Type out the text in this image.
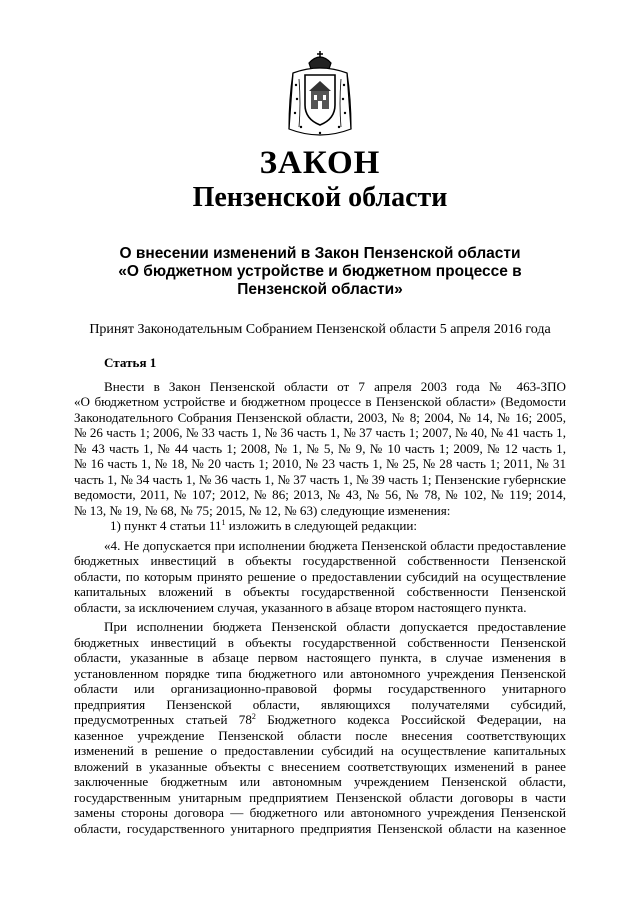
ЗАКОН
Пензенской области
О внесении изменений в Закон Пензенской области
«О бюджетном устройстве и бюджетном процессе в
Пензенской области»
Принят Законодательным Собранием Пензенской области 5 апреля 2016 года
Статья 1
Внести в Закон Пензенской области от 7 апреля 2003 года № 463-ЗПО
«О бюджетном устройстве и бюджетном процессе в Пензенской области» (Ведомости
Законодательного Собрания Пензенской области, 2003, № 8; 2004, № 14, № 16; 2005,
№ 26 часть 1; 2006, № 33 часть 1, № 36 часть 1, № 37 часть 1; 2007, № 40, № 41 часть 1,
№ 43 часть 1, № 44 часть 1; 2008, № 1, № 5, № 9, № 10 часть 1; 2009, № 12 часть 1,
№ 16 часть 1, № 18, № 20 часть 1; 2010, № 23 часть 1, № 25, № 28 часть 1; 2011, № 31
часть 1, № 34 часть 1, № 36 часть 1, № 37 часть 1, № 39 часть 1; Пензенские губернские
ведомости, 2011, № 107; 2012, № 86; 2013, № 43, № 56, № 78, № 102, № 119; 2014,
№ 13, № 19, № 68, № 75; 2015, № 12, № 63) следующие изменения:
1) пункт 4 статьи $11^1$ изложить в следующей редакции:
«4. Не допускается при исполнении бюджета Пензенской области предоставление
бюджетных инвестиций в объекты государственной собственности Пензенской
области, по которым принято решение о предоставлении субсидий на осуществление
капитальных вложений в объекты государственной собственности Пензенской
области, за исключением случая, указанного в абзаце втором настоящего пункта.
При исполнении бюджета Пензенской области допускается предоставление
бюджетных инвестиций в объекты государственной собственности Пензенской
области, указанные в абзаце первом настоящего пункта, в случае изменения в
установленном порядке типа бюджетного или автономного учреждения Пензенской
области или организационно-правовой формы государственного унитарного
предприятия Пензенской области, являющихся получателями субсидий,
предусмотренных статьей $78^2$ Бюджетного кодекса Российской Федерации, на
казенное учреждение Пензенской области после внесения соответствующих
изменений в решение о предоставлении субсидий на осуществление капитальных
вложений в указанные объекты с внесением соответствующих изменений в ранее
заключенные бюджетным или автономным учреждением Пензенской области,
государственным унитарным предприятием Пензенской области договоры в части
замены стороны договора — бюджетного или автономного учреждения Пензенской
области, государственного унитарного предприятия Пензенской области на казенное
